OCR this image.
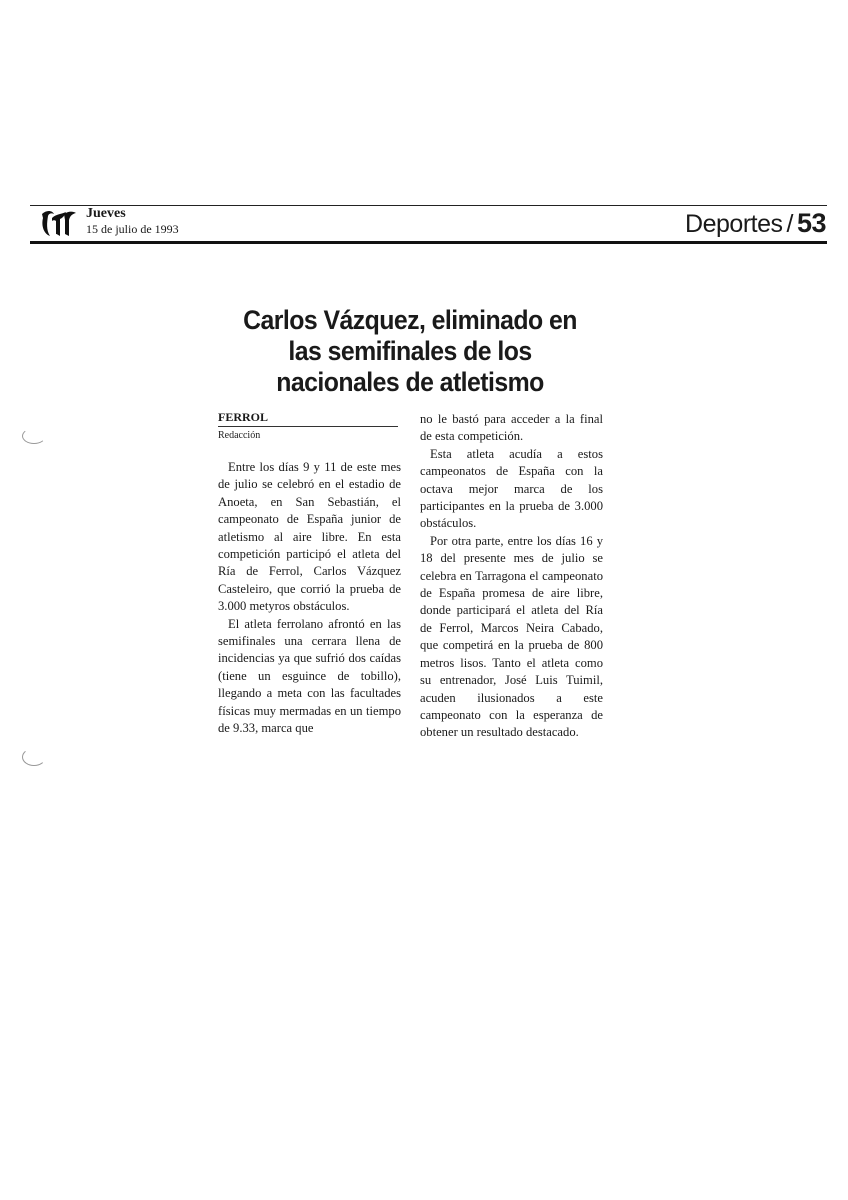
Jueves
15 de julio de 1993	Deportes / 53
Carlos Vázquez, eliminado en
las semifinales de los
nacionales de atletismo
FERROL
Redacción

Entre los días 9 y 11 de este mes de julio se celebró en el estadio de Anoeta, en San Sebastián, el campeonato de España junior de atletismo al aire libre. En esta competición participó el atleta del Ría de Ferrol, Carlos Vázquez Casteleiro, que corrió la prueba de 3.000 metyros obstáculos.

El atleta ferrolano afrontó en las semifinales una cerrara llena de incidencias ya que sufrió dos caídas (tiene un esguince de tobillo), llegando a meta con las facultades físicas muy mermadas en un tiempo de 9.33, marca que

no le bastó para acceder a la final de esta competición.

Esta atleta acudía a estos campeonatos de España con la octava mejor marca de los participantes en la prueba de 3.000 obstáculos.

Por otra parte, entre los días 16 y 18 del presente mes de julio se celebra en Tarragona el campeonato de España promesa de aire libre, donde participará el atleta del Ría de Ferrol, Marcos Neira Cabado, que competirá en la prueba de 800 metros lisos. Tanto el atleta como su entrenador, José Luis Tuimil, acuden ilusionados a este campeonato con la esperanza de obtener un resultado destacado.
